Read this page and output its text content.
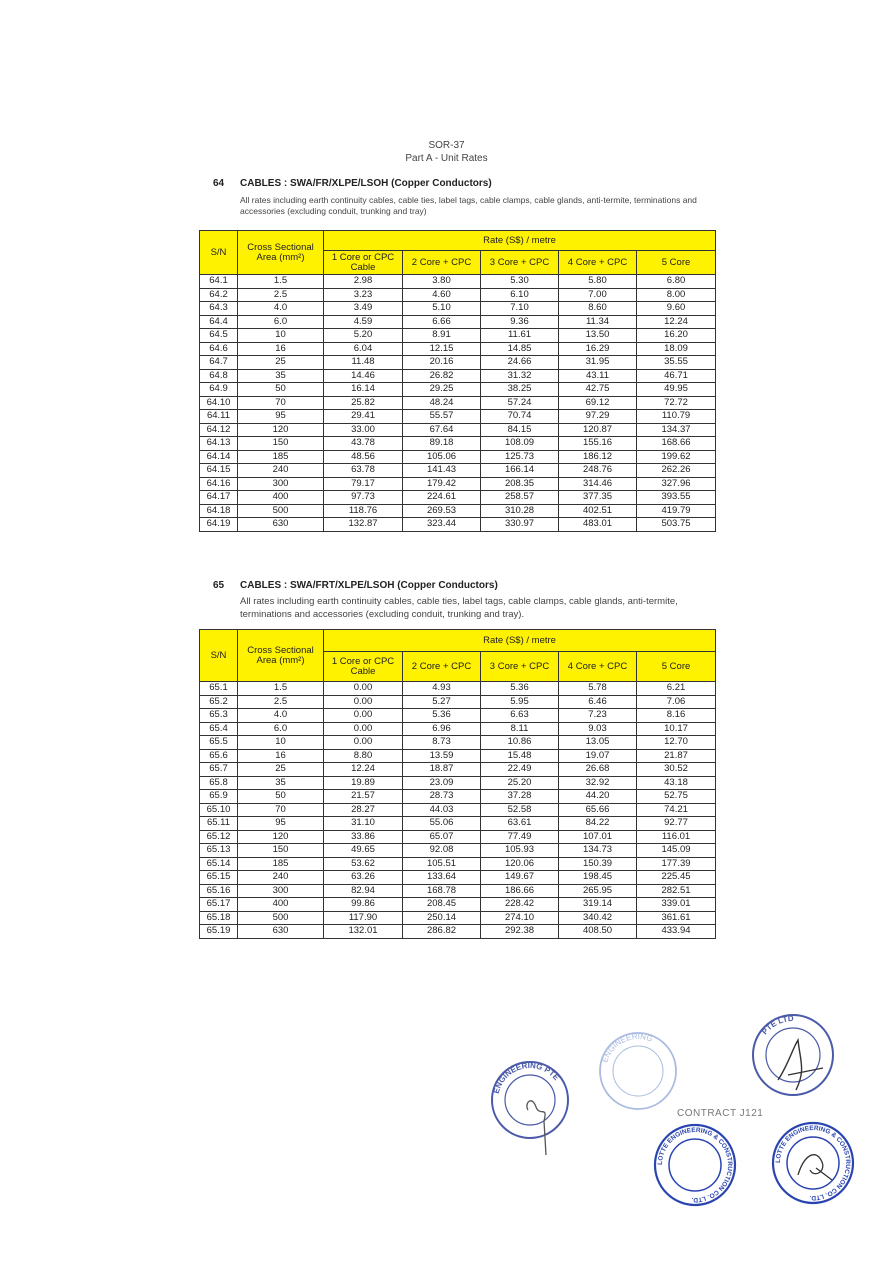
SOR-37
Part A - Unit Rates
64 CABLES : SWA/FR/XLPE/LSOH (Copper Conductors)
All rates including earth continuity cables, cable ties, label tags, cable clamps, cable glands, anti-termite, terminations and accessories (excluding conduit, trunking and tray)
S/N	Cross Sectional
Area (mm²)	Rate (S$) / metre				
		1 Core or CPC Cable	2 Core + CPC	3 Core + CPC	4 Core + CPC	5 Core
64.1	1.5	2.98	3.80	5.30	5.80	6.80
64.2	2.5	3.23	4.60	6.10	7.00	8.00
64.3	4.0	3.49	5.10	7.10	8.60	9.60
64.4	6.0	4.59	6.66	9.36	11.34	12.24
64.5	10	5.20	8.91	11.61	13.50	16.20
64.6	16	6.04	12.15	14.85	16.29	18.09
64.7	25	11.48	20.16	24.66	31.95	35.55
64.8	35	14.46	26.82	31.32	43.11	46.71
64.9	50	16.14	29.25	38.25	42.75	49.95
64.10	70	25.82	48.24	57.24	69.12	72.72
64.11	95	29.41	55.57	70.74	97.29	110.79
64.12	120	33.00	67.64	84.15	120.87	134.37
64.13	150	43.78	89.18	108.09	155.16	168.66
64.14	185	48.56	105.06	125.73	186.12	199.62
64.15	240	63.78	141.43	166.14	248.76	262.26
64.16	300	79.17	179.42	208.35	314.46	327.96
64.17	400	97.73	224.61	258.57	377.35	393.55
64.18	500	118.76	269.53	310.28	402.51	419.79
64.19	630	132.87	323.44	330.97	483.01	503.75
65 CABLES : SWA/FRT/XLPE/LSOH (Copper Conductors)
All rates including earth continuity cables, cable ties, label tags, cable clamps, cable glands, anti-termite, terminations and accessories (excluding conduit, trunking and tray).
S/N	Cross Sectional
Area (mm²)	Rate (S$) / metre				
		1 Core or CPC Cable	2 Core + CPC	3 Core + CPC	4 Core + CPC	5 Core
65.1	1.5	0.00	4.93	5.36	5.78	6.21
65.2	2.5	0.00	5.27	5.95	6.46	7.06
65.3	4.0	0.00	5.36	6.63	7.23	8.16
65.4	6.0	0.00	6.96	8.11	9.03	10.17
65.5	10	0.00	8.73	10.86	13.05	12.70
65.6	16	8.80	13.59	15.48	19.07	21.87
65.7	25	12.24	18.87	22.49	26.68	30.52
65.8	35	19.89	23.09	25.20	32.92	43.18
65.9	50	21.57	28.73	37.28	44.20	52.75
65.10	70	28.27	44.03	52.58	65.66	74.21
65.11	95	31.10	55.06	63.61	84.22	92.77
65.12	120	33.86	65.07	77.49	107.01	116.01
65.13	150	49.65	92.08	105.93	134.73	145.09
65.14	185	53.62	105.51	120.06	150.39	177.39
65.15	240	63.26	133.64	149.67	198.45	225.45
65.16	300	82.94	168.78	186.66	265.95	282.51
65.17	400	99.86	208.45	228.42	319.14	339.01
65.18	500	117.90	250.14	274.10	340.42	361.61
65.19	630	132.01	286.82	292.38	408.50	433.94
ENGINEERING PTE
ENGINEERING
PTE LTD
CONTRACT J121
LOTTE ENGINEERING & CONSTRUCTION CO. LTD.
LOTTE ENGINEERING & CONSTRUCTION CO. LTD.
